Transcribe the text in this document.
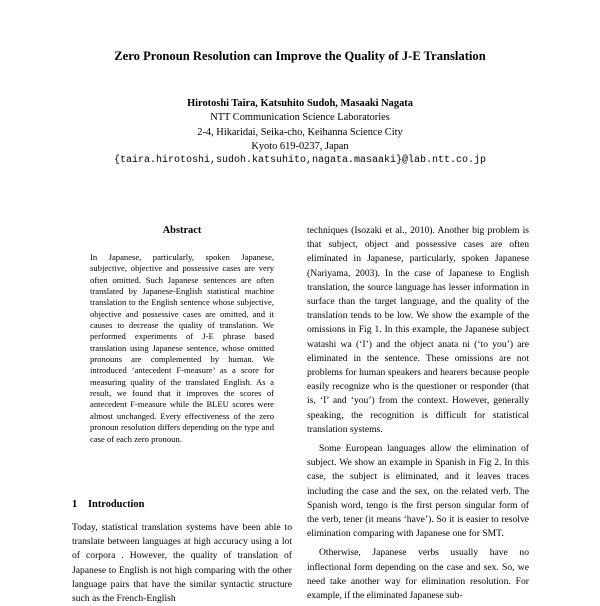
Zero Pronoun Resolution can Improve the Quality of J-E Translation
Hirotoshi Taira, Katsuhito Sudoh, Masaaki Nagata
NTT Communication Science Laboratories
2-4, Hikaridai, Seika-cho, Keihanna Science City
Kyoto 619-0237, Japan
{taira.hirotoshi,sudoh.katsuhito,nagata.masaaki}@lab.ntt.co.jp
Abstract

In Japanese, particularly, spoken Japanese, subjective, objective and possessive cases are very often omitted. Such Japanese sentences are often translated by Japanese-English statistical machine translation to the English sentence whose subjective, objective and possessive cases are omitted, and it causes to decrease the quality of translation. We performed experiments of J-E phrase based translation using Japanese sentence, whose omitted pronouns are complemented by human. We introduced ‘antecedent F-measure’ as a score for measuring quality of the translated English. As a result, we found that it improves the scores of antecedent F-measure while the BLEU scores were almost unchanged. Every effectiveness of the zero pronoun resolution differs depending on the type and case of each zero pronoun.

1 Introduction

Today, statistical translation systems have been able to translate between languages at high accuracy using a lot of corpora . However, the quality of translation of Japanese to English is not high comparing with the other language pairs that have the similar syntactic structure such as the French-English

techniques (Isozaki et al., 2010). Another big problem is that subject, object and possessive cases are often eliminated in Japanese, particularly, spoken Japanese (Nariyama, 2003). In the case of Japanese to English translation, the source language has lesser information in surface than the target language, and the quality of the translation tends to be low. We show the example of the omissions in Fig 1. In this example, the Japanese subject watashi wa (‘I’) and the object anata ni (‘to you’) are eliminated in the sentence. These omissions are not problems for human speakers and hearers because people easily recognize who is the questioner or responder (that is, ‘I’ and ‘you’) from the context. However, generally speaking, the recognition is difficult for statistical translation systems.

Some European languages allow the elimination of subject. We show an example in Spanish in Fig 2. In this case, the subject is eliminated, and it leaves traces including the case and the sex, on the related verb. The Spanish word, tengo is the first person singular form of the verb, tener (it means ‘have’). So it is easier to resolve elimination comparing with Japanese one for SMT.

Otherwise, Japanese verbs usually have no inflectional form depending on the case and sex. So, we need take another way for elimination resolution. For example, if the eliminated Japanese sub-
